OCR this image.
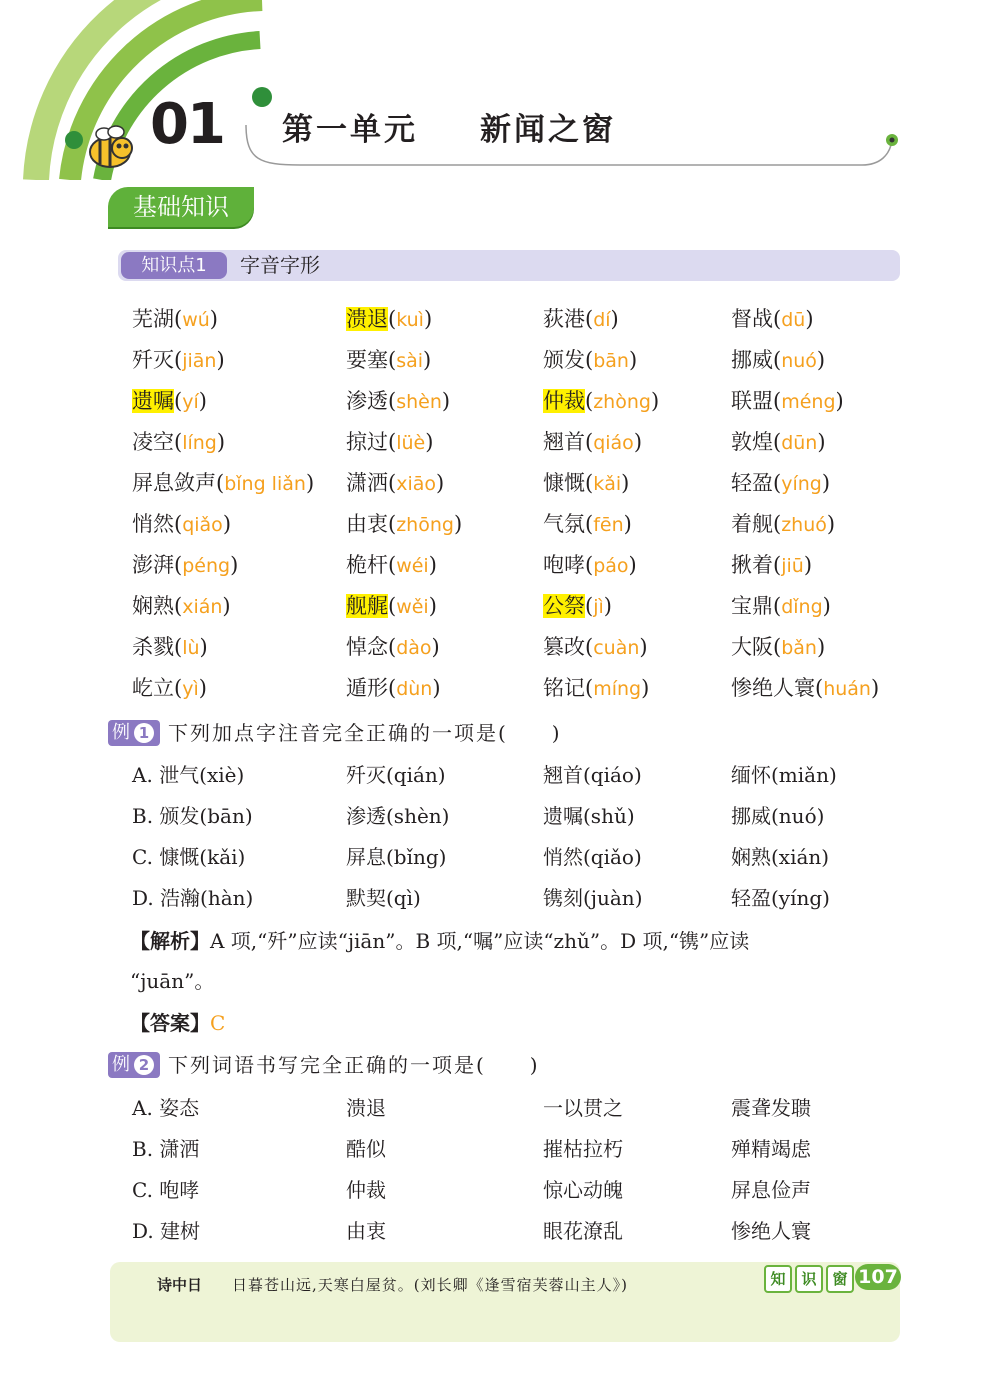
01 第一单元 新闻之窗
基础知识
知识点1	字音字形
芜湖(wú)	溃退(kuì)	荻港(dí)	督战(dū)
歼灭(jiān)	要塞(sài)	颁发(bān)	挪威(nuó)
遗嘱(yí)	渗透(shèn)	仲裁(zhòng)	联盟(méng)
凌空(líng)	掠过(lüè)	翘首(qiáo)	敦煌(dūn)
屏息敛声(bǐng liǎn) 潇洒(xiāo)	慷慨(kǎi)	轻盈(yíng)
悄然(qiǎo)	由衷(zhōng)	气氛(fēn)	着舰(zhuó)
澎湃(péng)	桅杆(wéi)	咆哮(páo)	揪着(jiū)
娴熟(xián)	舰艉(wěi)	公祭(jì)	宝鼎(dǐng)
杀戮(lù)	悼念(dào)	篡改(cuàn)	大阪(bǎn)
屹立(yì)	遁形(dùn)	铭记(míng)	惨绝人寰(huán)
例 1 下列加点字注音完全正确的一项是(　　)
A. 泄气(xiè)	歼灭(qián)	翘首(qiáo)	缅怀(miǎn)
B. 颁发(bān)	渗透(shèn)	遗嘱(shǔ)	挪威(nuó)
C. 慷慨(kǎi)	屏息(bǐng)	悄然(qiǎo)	娴熟(xián)
D. 浩瀚(hàn)	默契(qì)	镌刻(juàn)	轻盈(yíng)
【解析】A 项,“歼”应读“jiān”。B 项,“嘱”应读“zhǔ”。D 项,“镌”应读
“juān”。
【答案】C
例 2 下列词语书写完全正确的一项是(　　)
A. 姿态	溃退	一以贯之	震聋发聩
B. 潇洒	酷似	摧枯拉朽	殚精竭虑
C. 咆哮	仲裁	惊心动魄	屏息俭声
D. 建树	由衷	眼花潦乱	惨绝人寰
诗中日 日暮苍山远,天寒白屋贫。(刘长卿《逢雪宿芙蓉山主人》)	知 识 窗 107
